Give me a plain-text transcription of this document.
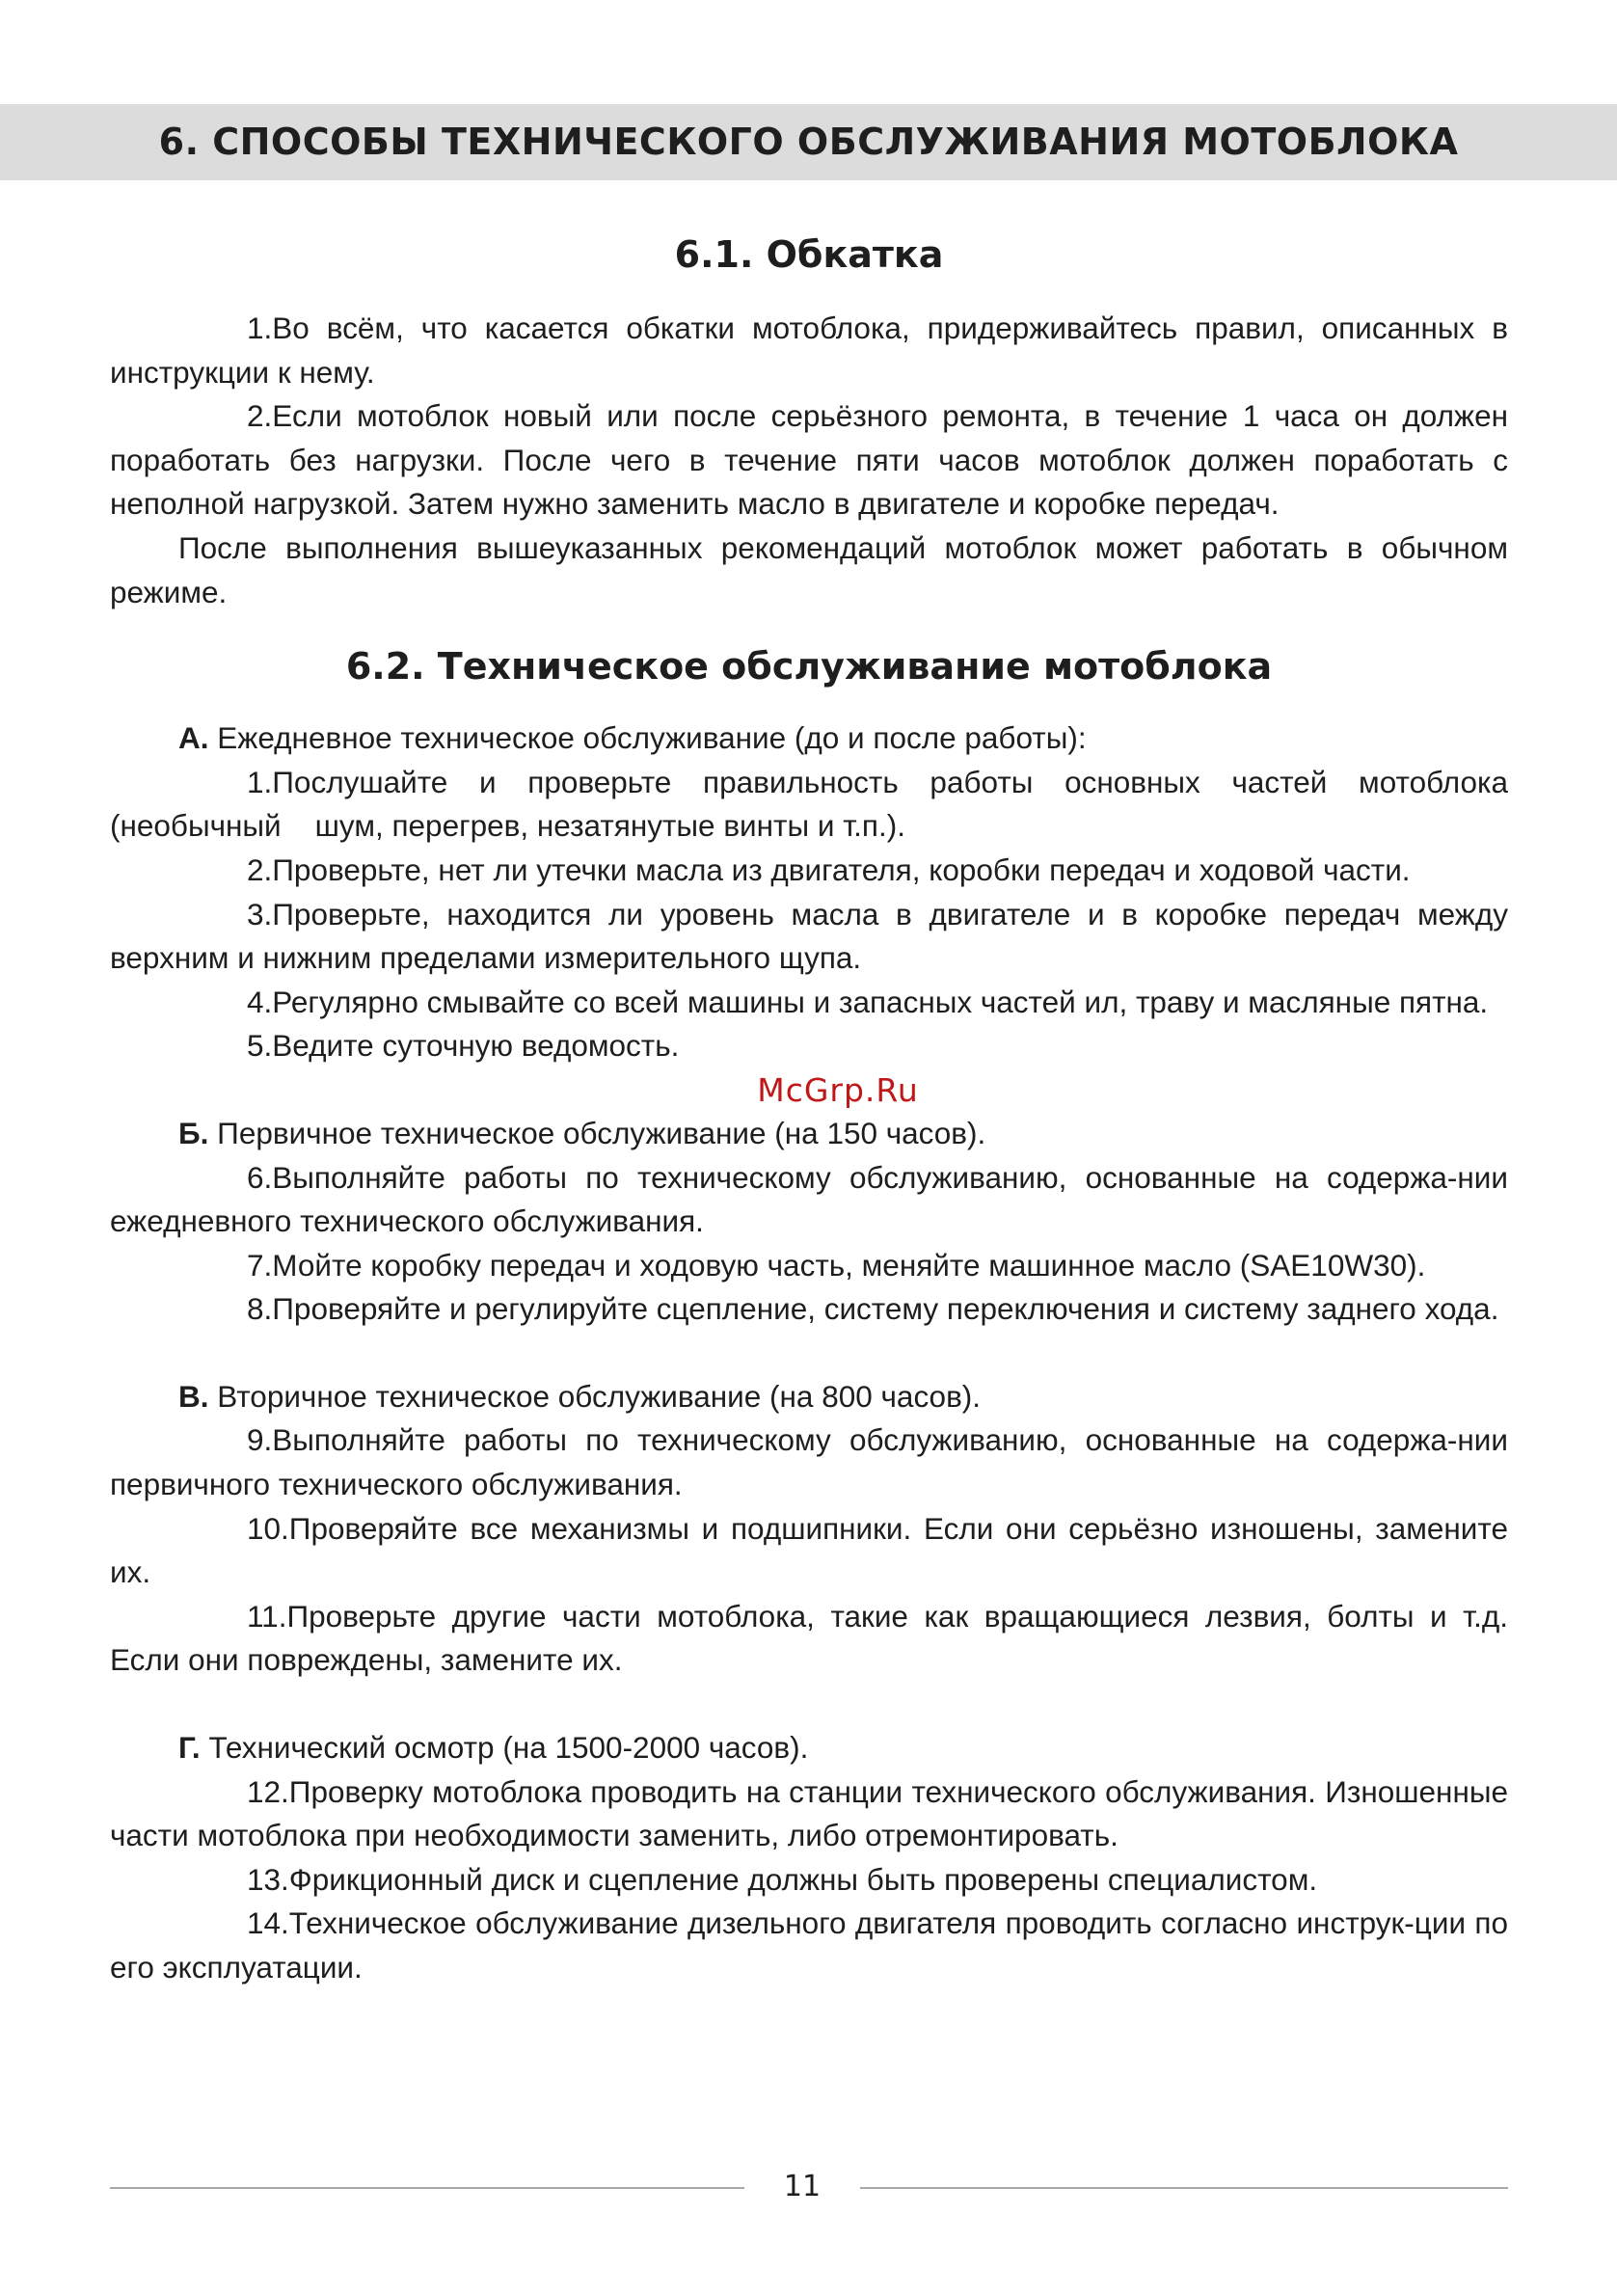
6. СПОСОБЫ ТЕХНИЧЕСКОГО ОБСЛУЖИВАНИЯ МОТОБЛОКА
6.1. Обкатка

1.Во всём, что касается обкатки мотоблока, придерживайтесь правил, описанных в инструкции к нему.

2.Если мотоблок новый или после серьёзного ремонта, в течение 1 часа он должен поработать без нагрузки. После чего в течение пяти часов мотоблок должен поработать с неполной нагрузкой. Затем нужно заменить масло в двигателе и коробке передач.

После выполнения вышеуказанных рекомендаций мотоблок может работать в обычном режиме.

6.2. Техническое обслуживание мотоблока

А. Ежедневное техническое обслуживание (до и после работы):

1.Послушайте и проверьте правильность работы основных частей мотоблока (необычный    шум, перегрев, незатянутые винты и т.п.).

2.Проверьте, нет ли утечки масла из двигателя, коробки передач и ходовой части.

3.Проверьте, находится ли уровень масла в двигателе и в коробке передач между верхним и нижним пределами измерительного щупа.

4.Регулярно смывайте со всей машины и запасных частей ил, траву и масляные пятна.

5.Ведите суточную ведомость.

McGrp.Ru

Б. Первичное техническое обслуживание (на 150 часов).

6.Выполняйте работы по техническому обслуживанию, основанные на содержа-нии ежедневного технического обслуживания.

7.Мойте коробку передач и ходовую часть, меняйте машинное масло (SAE10W30).

8.Проверяйте и регулируйте сцепление, систему переключения и систему заднего хода.

В. Вторичное техническое обслуживание (на 800 часов).

9.Выполняйте работы по техническому обслуживанию, основанные на содержа-нии первичного технического обслуживания.

10.Проверяйте все механизмы и подшипники. Если они серьёзно изношены, замените их.

11.Проверьте другие части мотоблока, такие как вращающиеся лезвия, болты и т.д. Если они повреждены, замените их.

Г. Технический осмотр (на 1500-2000 часов).

12.Проверку мотоблока проводить на станции технического обслуживания. Изношенные части мотоблока при необходимости заменить, либо отремонтировать.

13.Фрикционный диск и сцепление должны быть проверены специалистом.

14.Техническое обслуживание дизельного двигателя проводить согласно инструк-ции по его эксплуатации.

11
